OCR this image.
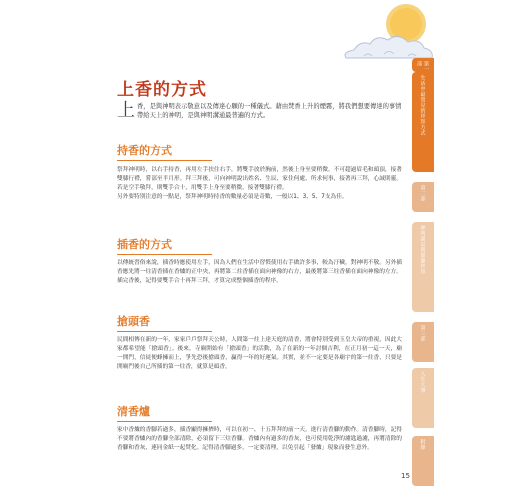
第一部
生活中最常見的拜拜方式
第二部
神明誕辰與節慶拜拜
第三部
人生大事
附錄
上香的方式
上 香，是與神明表示敬意以及傳達心願的一種儀式。藉由焚香上升的煙霧，將我們想要傳達的事情帶給天上的神明，是與神明溝通最普遍的方式。

持香的方式

祭拜神明時，以右手持香，再用左手扶住右手，將雙手放於胸前，然後上身至要稍微。不可超過眉毛和頭頂，接著雙膝行禮，嘗部至半月形。拜三拜後，可向神明說出姓名、生辰、家住何處、所求何事，接著再三拜，心誠則靈。若是空手敬拜，則雙手合十，用雙手上身至要稍微，接著雙膝行禮。

另外要特別注意的一點是，祭拜神明時持香的數量必須是奇數，一般以1、3、5、7支為佳。

插香的方式

以傳統習俗來說，插香時應使用左手，因為人們在生活中習慣使用右手做許多事，較為汙穢，對神明不敬。另外插香應先將一炷清香插在香爐的正中央，再將第二炷香插在面向神像的右方，最後將第三炷香插在面向神像的左方。插完香後，記得要雙手合十再拜三拜，才算完成整個插香的程序。

搶頭香

民間相傳在新的一年，家家戶戶祭拜天公時，人間第一炷上達天庭的清香，將會特別受到玉皇大帝的重視，因此大家都希望能「搶頭香」。後來，寺廟開始有「搶頭香」的活動，為了在新的一年討個吉利，在正月初一這一天，廟一開門，信徒便蜂擁而上，爭先恐後搶頭香，贏得一年的好運氣。其實，並不一定要是各廟宇的第一炷香，只要是開廟門後自己所插的第一炷香，就算是頭香。

清香爐

家中香爐的香腳若過多，插香顯得擁擠時，可以在初一、十五拜拜的前一天，進行清香腳的動作。清香腳時，記得不要將香爐內的香腳全部清除，必須留下三炷香腳。香爐內有過多的香灰，也可使用乾淨的濾匙過濾，再將清除的香腳和香灰，連同金紙一起焚化。記得清香腳過多，一定要清理，以免引起「發爐」現象而發生意外。

15
